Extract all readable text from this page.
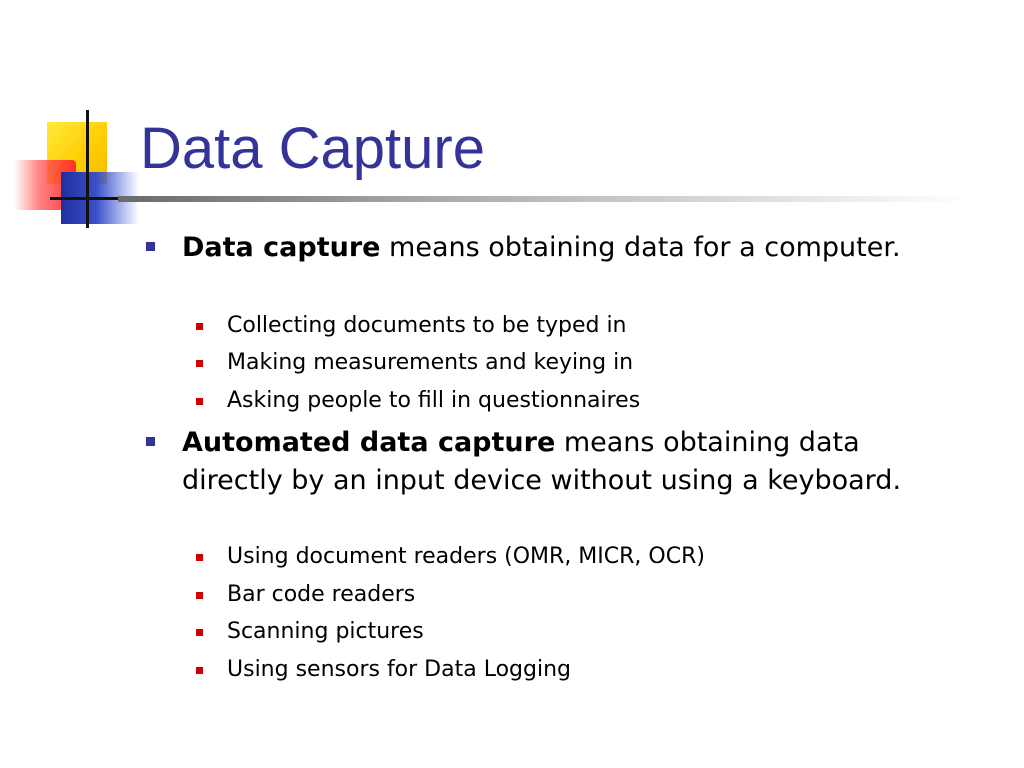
Data Capture
Data capture means obtaining data for a computer.
Collecting documents to be typed in
Making measurements and keying in
Asking people to fill in questionnaires
Automated data capture means obtaining data directly by an input device without using a keyboard.
Using document readers (OMR, MICR, OCR)
Bar code readers
Scanning pictures
Using sensors for Data Logging
